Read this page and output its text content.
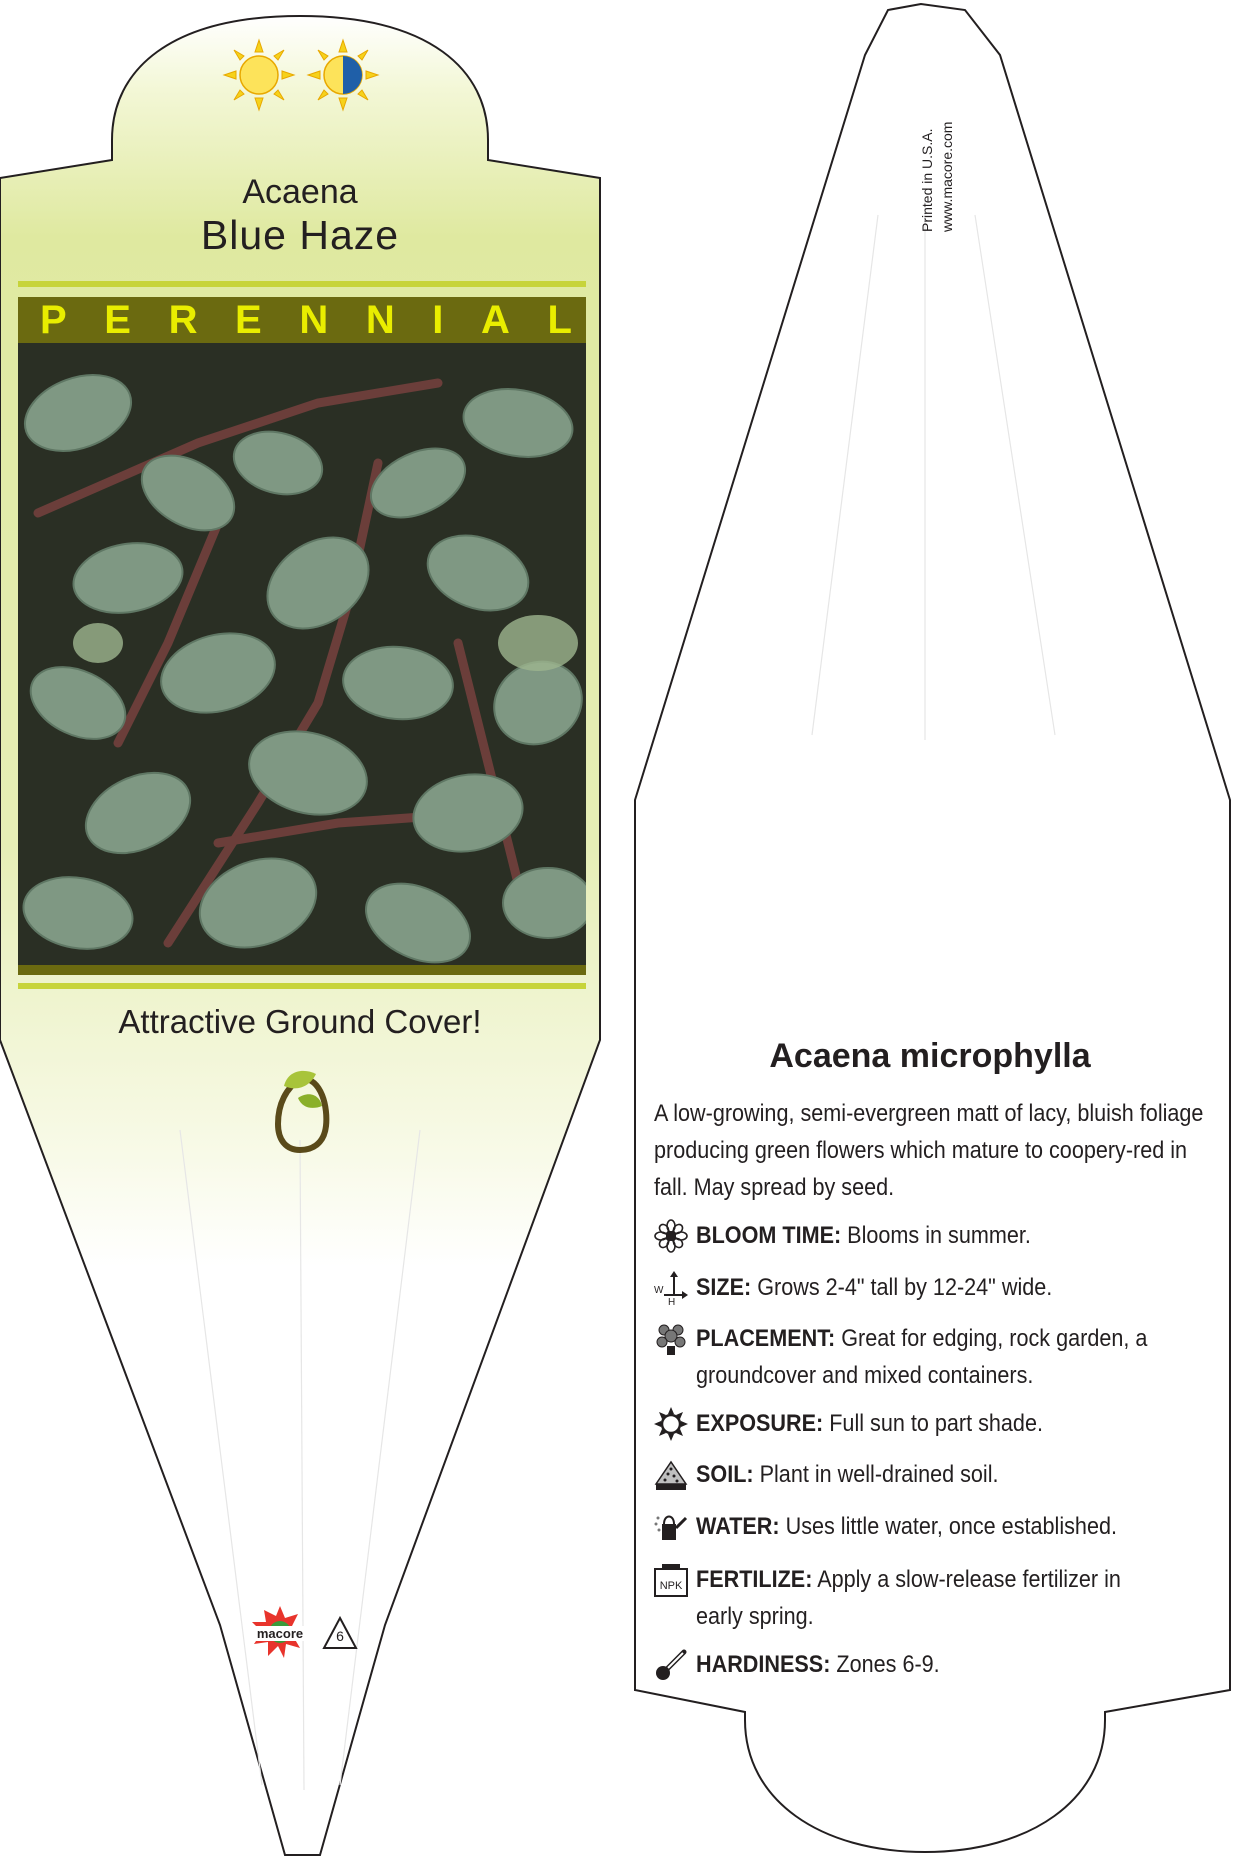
Acaena
Blue Haze
P E R E N N I A L
Attractive Ground Cover!
macore	6
Printed in U.S.A. www.macore.com
Acaena microphylla
A low-growing, semi-evergreen matt of lacy, bluish foliage producing green flowers which mature to coopery-red in fall. May spread by seed.
BLOOM TIME: Blooms in summer.
W
H
SIZE: Grows 2-4" tall by 12-24" wide.
PLACEMENT: Great for edging, rock garden, a groundcover and mixed containers.
EXPOSURE: Full sun to part shade.
SOIL: Plant in well-drained soil.
WATER: Uses little water, once established.
NPK FERTILIZE: Apply a slow-release fertilizer in early spring.
HARDINESS: Zones 6-9.
